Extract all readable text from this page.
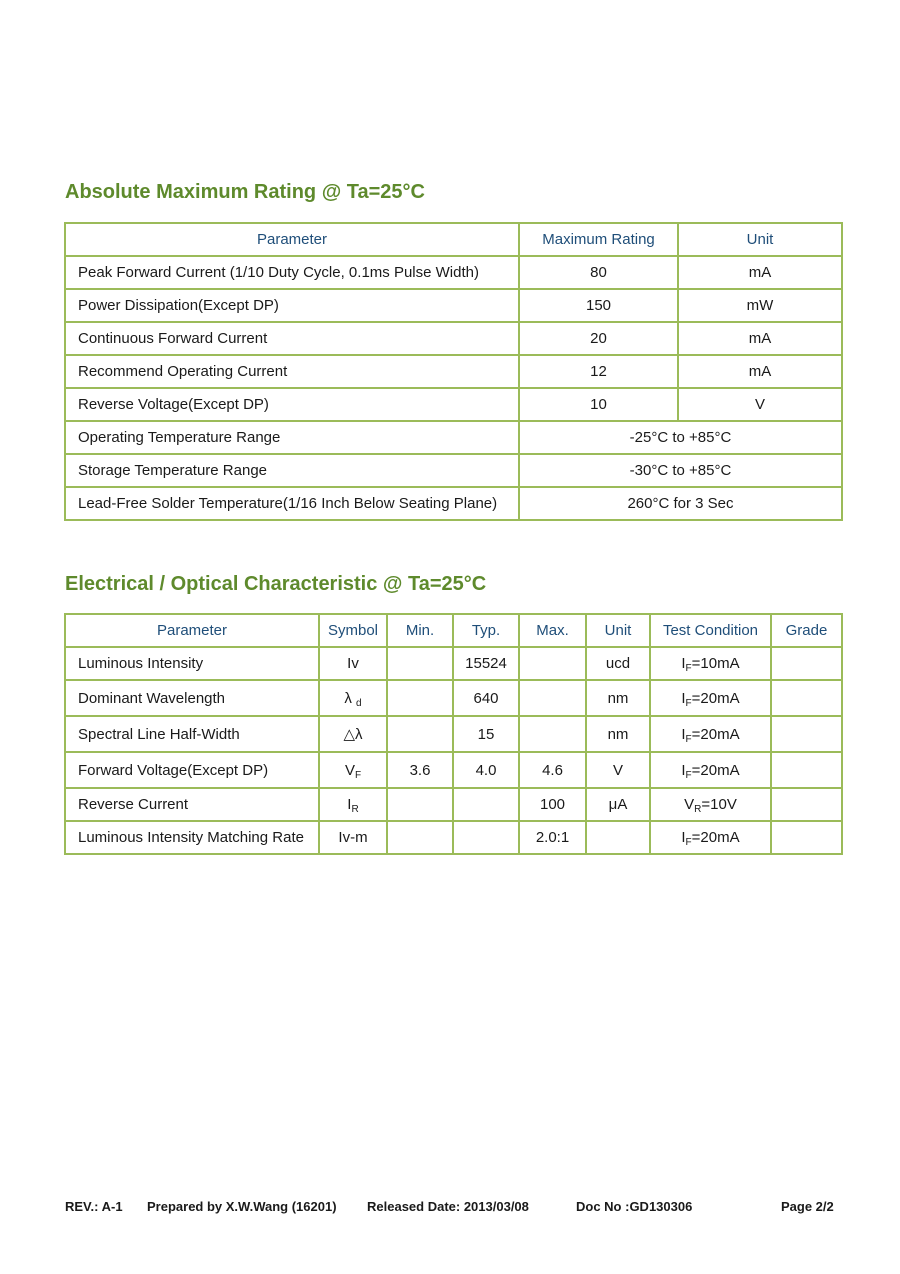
Absolute Maximum Rating @ Ta=25°C
Parameter	Maximum Rating	Unit
Peak Forward Current (1/10 Duty Cycle, 0.1ms Pulse Width)	80	mA
Power Dissipation(Except DP)	150	mW
Continuous Forward Current	20	mA
Recommend Operating Current	12	mA
Reverse Voltage(Except DP)	10	V
Operating Temperature Range	-25°C to +85°C	
Storage Temperature Range	-30°C to +85°C	
Lead-Free Solder Temperature(1/16 Inch Below Seating Plane)	260°C for 3 Sec	
Electrical / Optical Characteristic @ Ta=25°C
Parameter	Symbol	Min.	Typ.	Max.	Unit	Test Condition	Grade
Luminous Intensity	Iv		15524		ucd	$I_F=10mA$	
Dominant Wavelength	λ $_d$		640		nm	$I_F=20mA$	
Spectral Line Half-Width	△λ		15		nm	$I_F=20mA$	
Forward Voltage(Except DP)	$V_F$	3.6	4.0	4.6	V	$I_F=20mA$	
Reverse Current	$I_R$			100	μA	$V_R=10V$	
Luminous Intensity Matching Rate	Iv-m			2.0:1		$I_F=20mA$	
REV.: A-1 Prepared by X.W.Wang (16201) Released Date: 2013/03/08	Doc No :GD130306	Page 2/2
